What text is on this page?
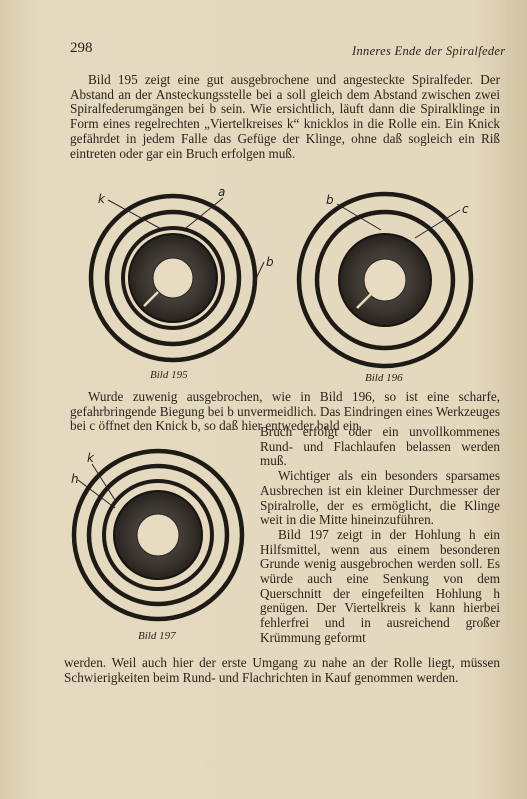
298	Inneres Ende der Spiralfeder

Bild 195 zeigt eine gut ausgebrochene und angesteckte Spiralfeder. Der Abstand an der Ansteckungsstelle bei a soll gleich dem Abstand zwischen zwei Spiralfederumgängen bei b sein. Wie ersichtlich, läuft dann die Spiralklinge in Form eines regelrechten „Viertelkreises k“ knicklos in die Rolle ein. Ein Knick gefährdet in jedem Falle das Gefüge der Klinge, ohne daß sogleich ein Riß eintreten oder gar ein Bruch erfolgen muß.

k	a
b
Bild 195
b
c
Bild 196

Wurde zuwenig ausgebrochen, wie in Bild 196, so ist eine scharfe, gefahrbringende Biegung bei b unvermeidlich. Das Eindringen eines Werkzeuges bei c öffnet den Knick b, so daß hier entweder bald ein

k
h
Bild 197

Bruch erfolgt oder ein unvollkommenes Rund- und Flachlaufen belassen werden muß.

Wichtiger als ein besonders sparsames Ausbrechen ist ein kleiner Durchmesser der Spiralrolle, der es ermöglicht, die Klinge weit in die Mitte hineinzuführen.

Bild 197 zeigt in der Hohlung h ein Hilfsmittel, wenn aus einem besonderen Grunde wenig ausgebrochen werden soll. Es würde auch eine Senkung von dem Querschnitt der eingefeilten Hohlung h genügen. Der Viertelkreis k kann hierbei fehlerfrei und in ausreichend großer Krümmung geformt

werden. Weil auch hier der erste Umgang zu nahe an der Rolle liegt, müssen Schwierigkeiten beim Rund- und Flachrichten in Kauf genommen werden.
